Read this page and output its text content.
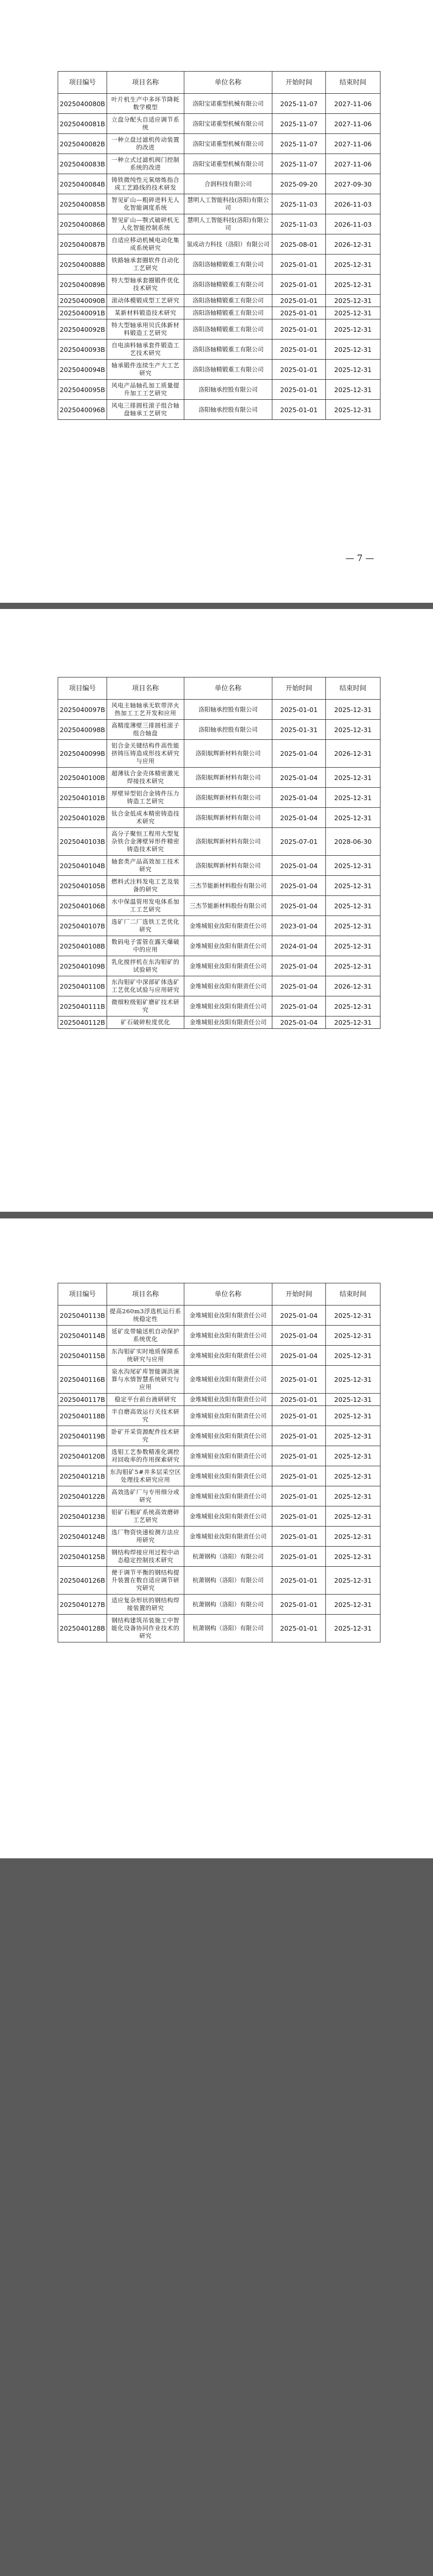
项目编号	项目名称	单位名称	开始时间	结束时间
2025040080B	叶片机生产中多环节降耗数学模型	洛阳宝诺重型机械有限公司	2025-11-07	2027-11-06
2025040081B	立盘分配头自适应调节系统	洛阳宝诺重型机械有限公司	2025-11-07	2027-11-06
2025040082B	一种立盘过滤机传动装置的改进	洛阳宝诺重型机械有限公司	2025-11-07	2027-11-06
2025040083B	一种立式过滤机阀门控制系统的改进	洛阳宝诺重型机械有限公司	2025-11-07	2027-11-06
2025040084B	铸铁微纯性元氧熔炼指合成工艺路线的技术研发	合润科技有限公司	2025-09-20	2027-09-30
2025040085B	智见矿山—粗碎进料无人化智能调度系统	慧明人工智能科技(洛阳)有限公司	2025-11-03	2026-11-03
2025040086B	智见矿山—颚式破碎机无人化智能控制系统	慧明人工智能科技(洛阳)有限公司	2025-11-03	2026-11-03
2025040087B	自适应移动机械电动化集成系统研究	氢成动力科技（洛阳）有限公司	2025-08-01	2026-12-31
2025040088B	铁路轴承套圈软件自动化工艺研究	洛阳洛轴精锻重工有限公司	2025-01-01	2025-12-31
2025040089B	特大型轴承套圈锻件优化技术研究	洛阳洛轴精锻重工有限公司	2025-01-01	2025-12-31
2025040090B	滚动体模锻成型工艺研究	洛阳洛轴精锻重工有限公司	2025-01-01	2025-12-31
2025040091B	某新材料锻造技术研究	洛阳洛轴精锻重工有限公司	2025-01-01	2025-12-31
2025040092B	特大型轴承用贝氏体新材料锻造工艺研究	洛阳洛轴精锻重工有限公司	2025-01-01	2025-12-31
2025040093B	自电油料轴承套件锻造工艺技术研究	洛阳洛轴精锻重工有限公司	2025-01-01	2025-12-31
2025040094B	轴承锻件连续生产大工艺研究	洛阳洛轴精锻重工有限公司	2025-01-01	2025-12-31
2025040095B	风电产品轴孔加工质量提升加工工艺研究	洛阳轴承控股有限公司	2025-01-01	2025-12-31
2025040096B	风电三排圆柱滚子组合轴盘轴承工艺研究	洛阳轴承控股有限公司	2025-01-01	2025-12-31
— 7 —
项目编号	项目名称	单位名称	开始时间	结束时间
2025040097B	风电主轴轴承无软带淬火热加工工艺开发和应用	洛阳轴承控股有限公司	2025-01-01	2025-12-31
2025040098B	高精度薄壁三排圆柱滚子组合轴盘	洛阳轴承控股有限公司	2025-01-31	2025-12-31
2025040099B	铝合金关键结构件高性能挤铸压铸造成形技术研究与应用	洛阳航辉新材料有限公司	2025-01-04	2026-12-31
2025040100B	超薄钛合金壳体精密激光焊接技术研究	洛阳航辉新材料有限公司	2025-01-04	2025-12-31
2025040101B	厚壁异型铝合金铸件压力铸造工艺研究	洛阳航辉新材料有限公司	2025-01-04	2025-12-31
2025040102B	钛合金低成本精密铸造技术研究	洛阳航辉新材料有限公司	2025-01-04	2025-12-31
2025040103B	高分子聚恒工程用大型复杂铁合金薄壁异形件精密铸造技术研究	洛阳航辉新材料有限公司	2025-07-01	2028-06-30
2025040104B	轴套类产品高效加工技术研究	洛阳航辉新材料有限公司	2025-01-04	2025-12-31
2025040105B	燃料式注料发电工艺及装备的研究	三杰节能新材料股份有限公司	2025-01-04	2025-12-31
2025040106B	水中保温管用发电体系加工工艺研究	三杰节能新材料股份有限公司	2025-01-04	2025-12-31
2025040107B	选矿厂二厂选铁工艺优化研究	金堆城钼业汝阳有限责任公司	2023-01-04	2025-12-31
2025040108B	数码电子雷管在露天爆破中的应用	金堆城钼业汝阳有限责任公司	2024-01-04	2025-12-31
2025040109B	乳化搅拌机在东沟钼矿的试验研究	金堆城钼业汝阳有限责任公司	2025-01-04	2025-12-31
2025040110B	东沟钼矿中深部矿体选矿工艺优化试验与应用研究	金堆城钼业汝阳有限责任公司	2025-01-04	2026-12-31
2025040111B	微细粒级钼矿磨矿技术研究	金堆城钼业汝阳有限责任公司	2025-01-04	2025-12-31
2025040112B	矿石破碎粒度优化	金堆城钼业汝阳有限责任公司	2025-01-04	2025-12-31
项目编号	项目名称	单位名称	开始时间	结束时间
2025040113B	提高260m3浮选机运行系统稳定性	金堆城钼业汝阳有限责任公司	2025-01-04	2025-12-31
2025040114B	延矿皮带输送机自动保护系统优化	金堆城钼业汝阳有限责任公司	2025-01-04	2025-12-31
2025040115B	东沟钼矿实时地质保障系统研究与应用	金堆城钼业汝阳有限责任公司	2025-01-04	2025-12-31
2025040116B	泉水沟尾矿库智能调洪演算与水情智慧系统研究与应用	金堆城钼业汝阳有限责任公司	2025-01-01	2025-12-31
2025040117B	稳定平台前台液研研究	金堆城钼业汝阳有限责任公司	2025-01-01	2025-12-31
2025040118B	半自磨高效运行关技术研究	金堆城钼业汝阳有限责任公司	2025-01-01	2025-12-31
2025040119B	卧矿开采资源配件技术研究	金堆城钼业汝阳有限责任公司	2025-01-01	2025-12-31
2025040120B	选钼工艺参数精准化调控对回收率的作用探索研究	金堆城钼业汝阳有限责任公司	2025-01-01	2025-12-31
2025040121B	东沟钼矿5#井多层采空区处理技术研究应用	金堆城钼业汝阳有限责任公司	2025-01-01	2025-12-31
2025040122B	高效选矿厂与专用细分或研究	金堆城钼业汝阳有限责任公司	2025-01-01	2025-12-31
2025040123B	铝矿石粗矿系统高效磨碎工艺研究	金堆城钼业汝阳有限责任公司	2025-01-01	2025-12-31
2025040124B	选厂物资快速检测方法应用研究	金堆城钼业汝阳有限责任公司	2025-01-01	2025-12-31
2025040125B	钢结构焊接应用过程中动态稳定控制技术研究	杭萧钢构（洛阳）有限公司	2025-01-01	2025-12-31
2025040126B	便于调节平衡的钢结构提升装置在数自适应调节研究研究	杭萧钢构（洛阳）有限公司	2025-01-01	2025-12-31
2025040127B	适应复杂形状的钢结构焊接装置的研究	杭萧钢构（洛阳）有限公司	2025-01-01	2025-12-31
2025040128B	钢结构建筑吊装施工中智能化设备协同作业技术的研究	杭萧钢构（洛阳）有限公司	2025-01-01	2025-12-31
